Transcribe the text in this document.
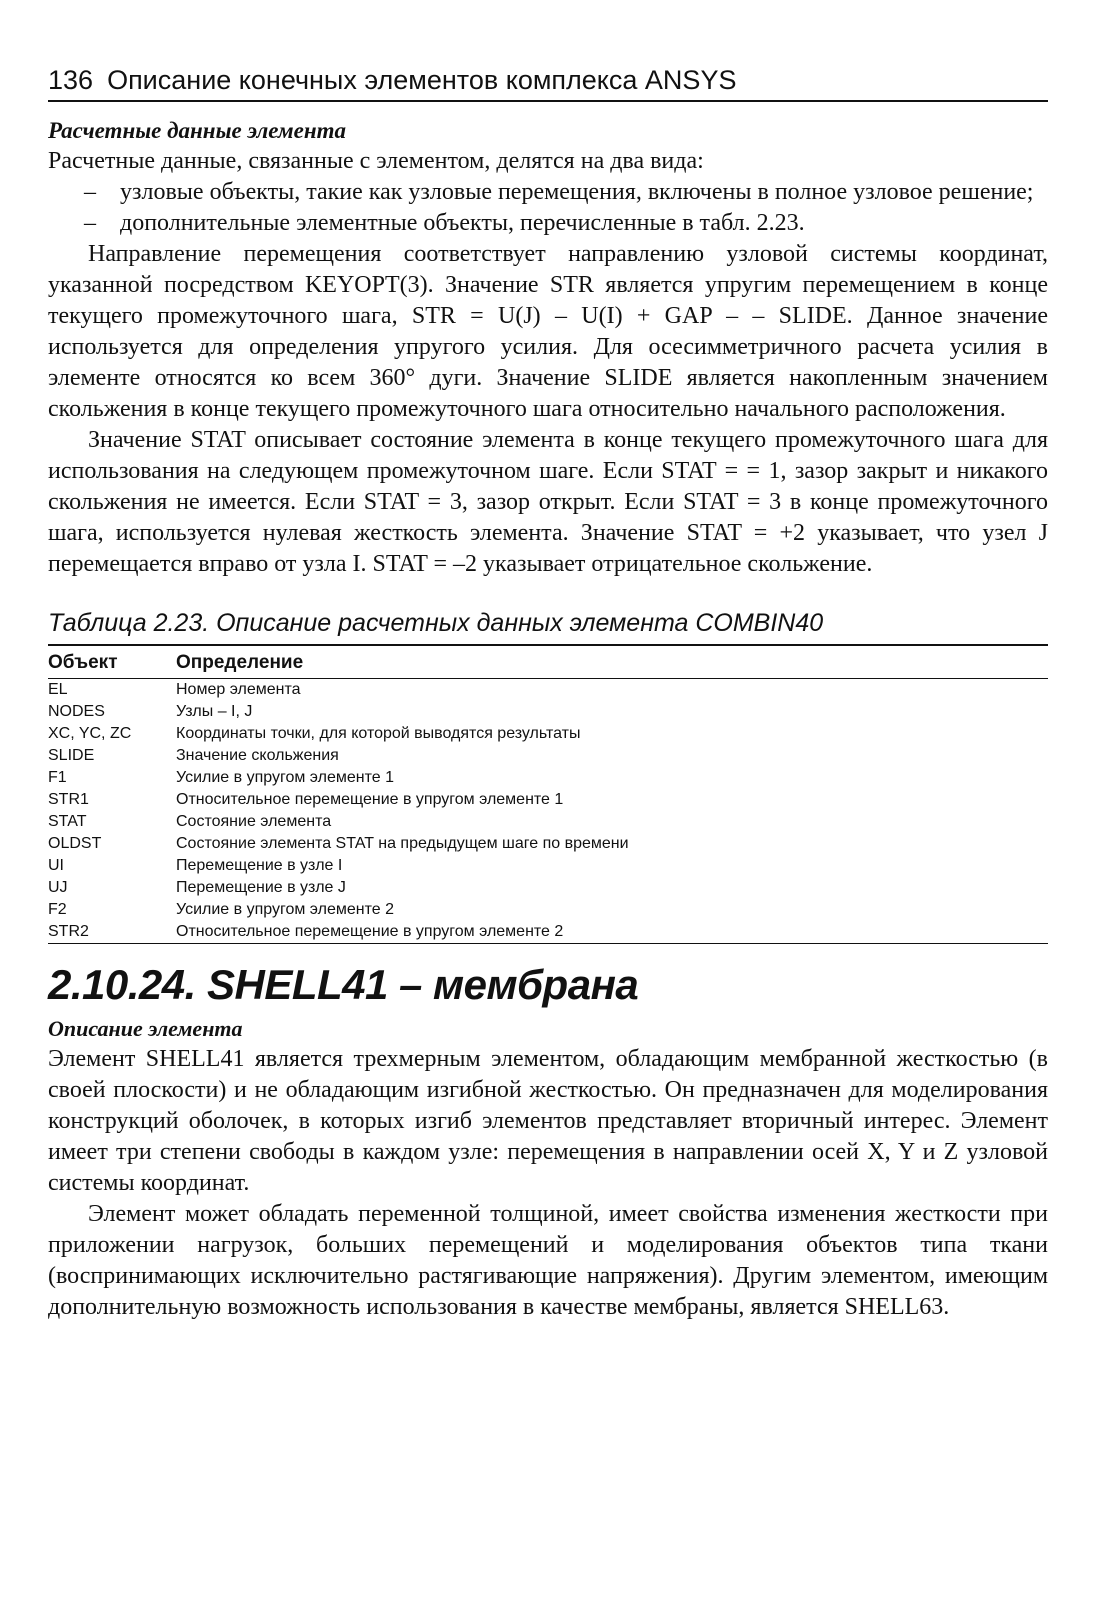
136 Описание конечных элементов комплекса ANSYS
Расчетные данные элемента

Расчетные данные, связанные с элементом, делятся на два вида:

– узловые объекты, такие как узловые перемещения, включены в полное узловое решение;
– дополнительные элементные объекты, перечисленные в табл. 2.23.

Направление перемещения соответствует направлению узловой системы координат, указанной посредством KEYOPT(3). Значение STR является упругим перемещением в конце текущего промежуточного шага, STR = U(J) – U(I) + GAP – – SLIDE. Данное значение используется для определения упругого усилия. Для осесимметричного расчета усилия в элементе относятся ко всем 360° дуги. Значение SLIDE является накопленным значением скольжения в конце текущего промежуточного шага относительно начального расположения.

Значение STAT описывает состояние элемента в конце текущего промежуточного шага для использования на следующем промежуточном шаге. Если STAT = = 1, зазор закрыт и никакого скольжения не имеется. Если STAT = 3, зазор открыт. Если STAT = 3 в конце промежуточного шага, используется нулевая жесткость элемента. Значение STAT = +2 указывает, что узел J перемещается вправо от узла I. STAT = –2 указывает отрицательное скольжение.

Таблица 2.23. Описание расчетных данных элемента COMBIN40
Объект	Определение
EL	Номер элемента
NODES	Узлы – I, J
XC, YC, ZC	Координаты точки, для которой выводятся результаты
SLIDE	Значение скольжения
F1	Усилие в упругом элементе 1
STR1	Относительное перемещение в упругом элементе 1
STAT	Состояние элемента
OLDST	Состояние элемента STAT на предыдущем шаге по времени
UI	Перемещение в узле I
UJ	Перемещение в узле J
F2	Усилие в упругом элементе 2
STR2	Относительное перемещение в упругом элементе 2
2.10.24. SHELL41 – мембрана
Описание элемента

Элемент SHELL41 является трехмерным элементом, обладающим мембранной жесткостью (в своей плоскости) и не обладающим изгибной жесткостью. Он предназначен для моделирования конструкций оболочек, в которых изгиб элементов представляет вторичный интерес. Элемент имеет три степени свободы в каждом узле: перемещения в направлении осей X, Y и Z узловой системы координат.

Элемент может обладать переменной толщиной, имеет свойства изменения жесткости при приложении нагрузок, больших перемещений и моделирования объектов типа ткани (воспринимающих исключительно растягивающие напряжения). Другим элементом, имеющим дополнительную возможность использования в качестве мембраны, является SHELL63.
